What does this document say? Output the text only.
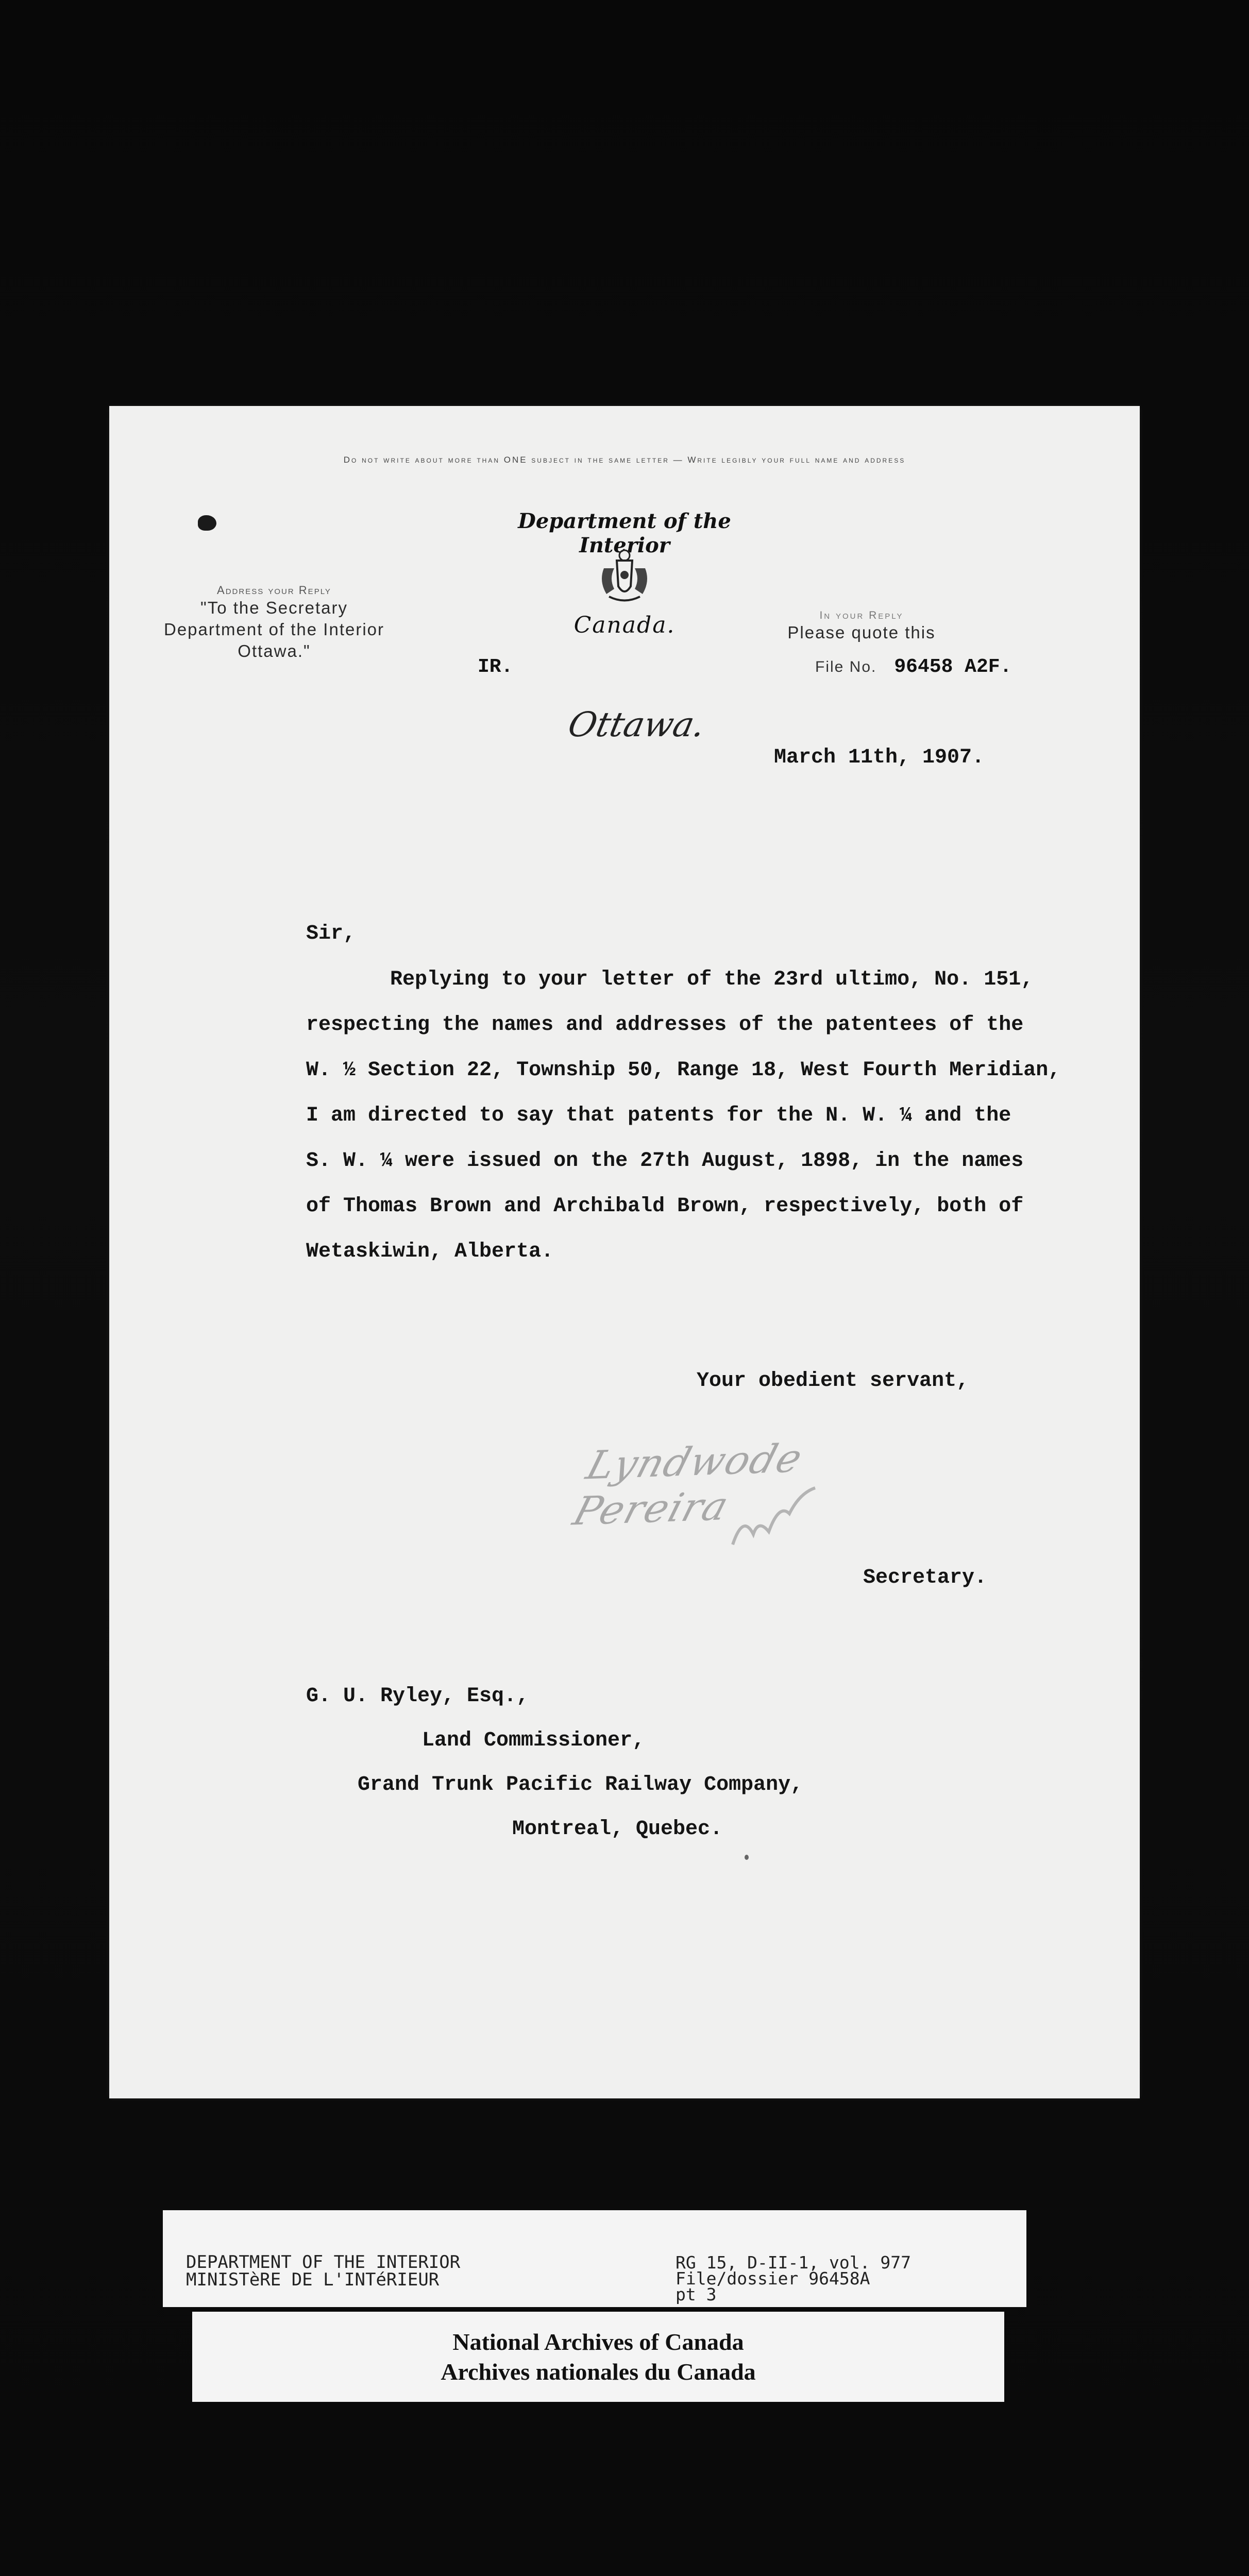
Do not write about more than ONE subject in the same letter — Write legibly your full name and address
Address your Reply
"To the Secretary
Department of the Interior
Ottawa."
Department of the Interior
Canada.	In your Reply
Please quote this
File No. 96458 A2F.
IR.
Ottawa.
March 11th, 1907.
Sir,
Replying to your letter of the 23rd ultimo, No. 151,
respecting the names and addresses of the patentees of the
W. ½ Section 22, Township 50, Range 18, West Fourth Meridian,
I am directed to say that patents for the N. W. ¼ and the
S. W. ¼ were issued on the 27th August, 1898, in the names
of Thomas Brown and Archibald Brown, respectively, both of
Wetaskiwin, Alberta.
Your obedient servant,
Lyndwode Pereira
Secretary.
G. U. Ryley, Esq.,
Land Commissioner,
Grand Trunk Pacific Railway Company,
Montreal, Quebec.
DEPARTMENT OF THE INTERIOR
MINISTèRE DE L'INTéRIEUR
RG 15, D-II-1, vol. 977
File/dossier 96458A
pt 3
National Archives of Canada
Archives nationales du Canada
